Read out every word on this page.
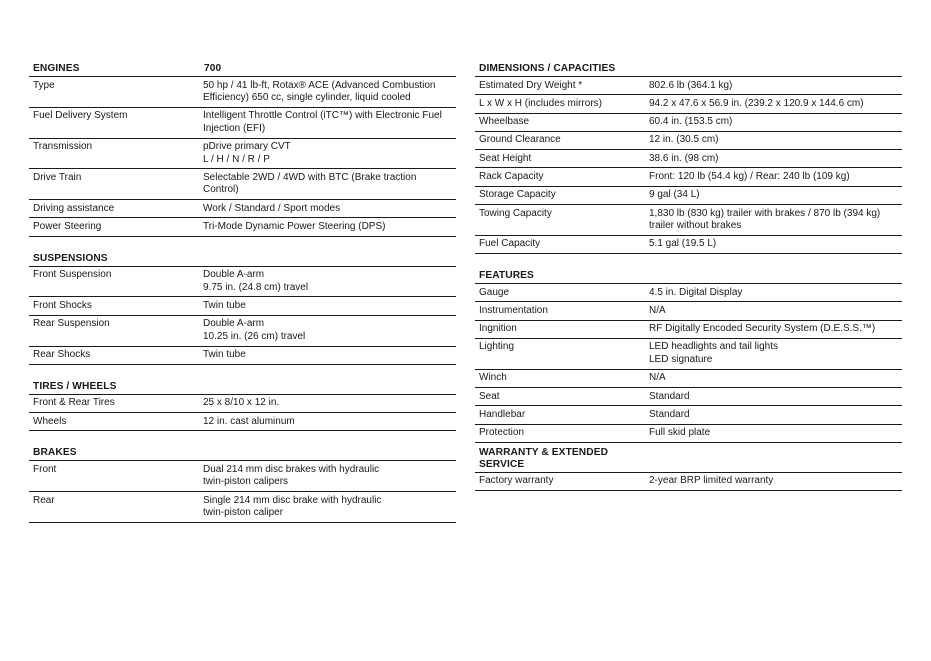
ENGINES	700
Type	50 hp / 41 lb-ft, Rotax® ACE (Advanced Combustion Efficiency) 650 cc, single cylinder, liquid cooled
Fuel Delivery System	Intelligent Throttle Control (iTC™) with Electronic Fuel Injection (EFI)
Transmission	pDrive primary CVT
L / H / N / R / P
Drive Train	Selectable 2WD / 4WD with BTC (Brake traction Control)
Driving assistance	Work / Standard / Sport modes
Power Steering	Tri-Mode Dynamic Power Steering (DPS)
SUSPENSIONS
Front Suspension	Double A-arm
9.75 in. (24.8 cm) travel
Front Shocks	Twin tube
Rear Suspension	Double A-arm
10.25 in. (26 cm) travel
Rear Shocks	Twin tube
TIRES / WHEELS
Front & Rear Tires	25 x 8/10 x 12 in.
Wheels	12 in. cast aluminum
BRAKES
Front	Dual 214 mm disc brakes with hydraulic
twin-piston calipers
Rear	Single 214 mm disc brake with hydraulic
twin-piston caliper
DIMENSIONS / CAPACITIES
Estimated Dry Weight *	802.6 lb (364.1 kg)
L x W x H (includes mirrors)	94.2 x 47.6 x 56.9 in. (239.2 x 120.9 x 144.6 cm)
Wheelbase	60.4 in. (153.5 cm)
Ground Clearance	12 in. (30.5 cm)
Seat Height	38.6 in. (98 cm)
Rack Capacity	Front: 120 lb (54.4 kg) / Rear: 240 lb (109 kg)
Storage Capacity	9 gal (34 L)
Towing Capacity	1,830 lb (830 kg) trailer with brakes / 870 lb (394 kg) trailer without brakes
Fuel Capacity	5.1 gal (19.5 L)
FEATURES
Gauge	4.5 in. Digital Display
Instrumentation	N/A
Ingnition	RF Digitally Encoded Security System (D.E.S.S.™)
Lighting	LED headlights and tail lights
LED signature
Winch	N/A
Seat	Standard
Handlebar	Standard
Protection	Full skid plate
WARRANTY & EXTENDED SERVICE
Factory warranty	2-year BRP limited warranty
